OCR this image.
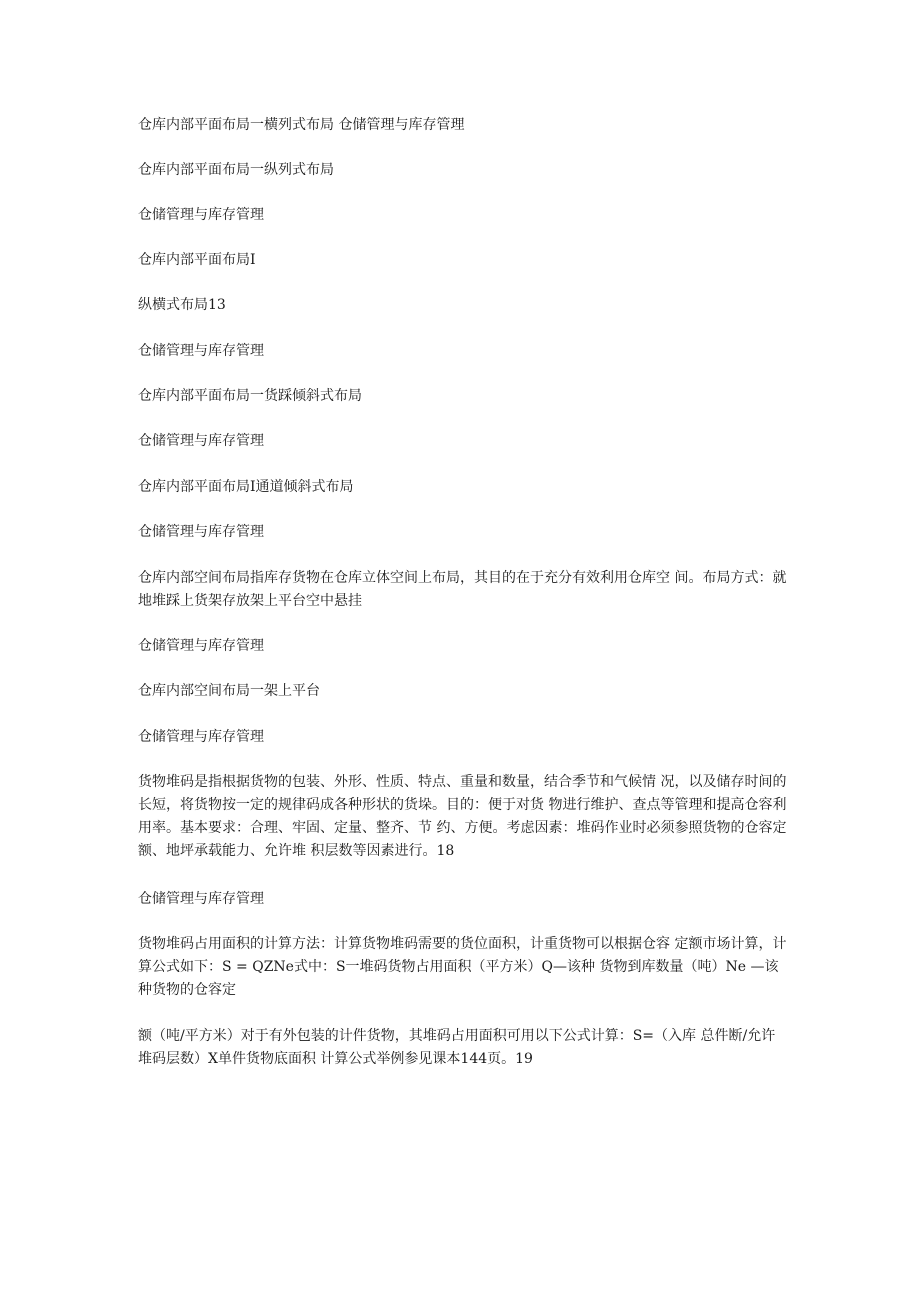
仓库内部平面布局一横列式布局 仓储管理与库存管理

仓库内部平面布局一纵列式布局

仓储管理与库存管理

仓库内部平面布局I

纵横式布局13

仓储管理与库存管理

仓库内部平面布局一货踩倾斜式布局

仓储管理与库存管理

仓库内部平面布局I通道倾斜式布局

仓储管理与库存管理

仓库内部空间布局指库存货物在仓库立体空间上布局，其目的在于充分有效利用仓库空 间。布局方式：就地堆踩上货架存放架上平台空中悬挂

仓储管理与库存管理

仓库内部空间布局一架上平台

仓储管理与库存管理

货物堆码是指根据货物的包装、外形、性质、特点、重量和数量，结合季节和气候情 况，以及储存时间的长短，将货物按一定的规律码成各种形状的货垛。目的：便于对货 物进行维护、查点等管理和提高仓容利用率。基本要求：合理、牢固、定量、整齐、节 约、方便。考虑因素：堆码作业时必须参照货物的仓容定额、地坪承载能力、允许堆 积层数等因素进行。18

仓储管理与库存管理

货物堆码占用面积的计算方法：计算货物堆码需要的货位面积，计重货物可以根据仓容 定额市场计算，计算公式如下：S = QZNe式中：S一堆码货物占用面积（平方米）Q—该种 货物到库数量（吨）Ne —该种货物的仓容定

额（吨/平方米）对于有外包装的计件货物，其堆码占用面积可用以下公式计算：S=（入库 总件断/允许堆码层数）X单件货物底面积 计算公式举例参见课本144页。19
